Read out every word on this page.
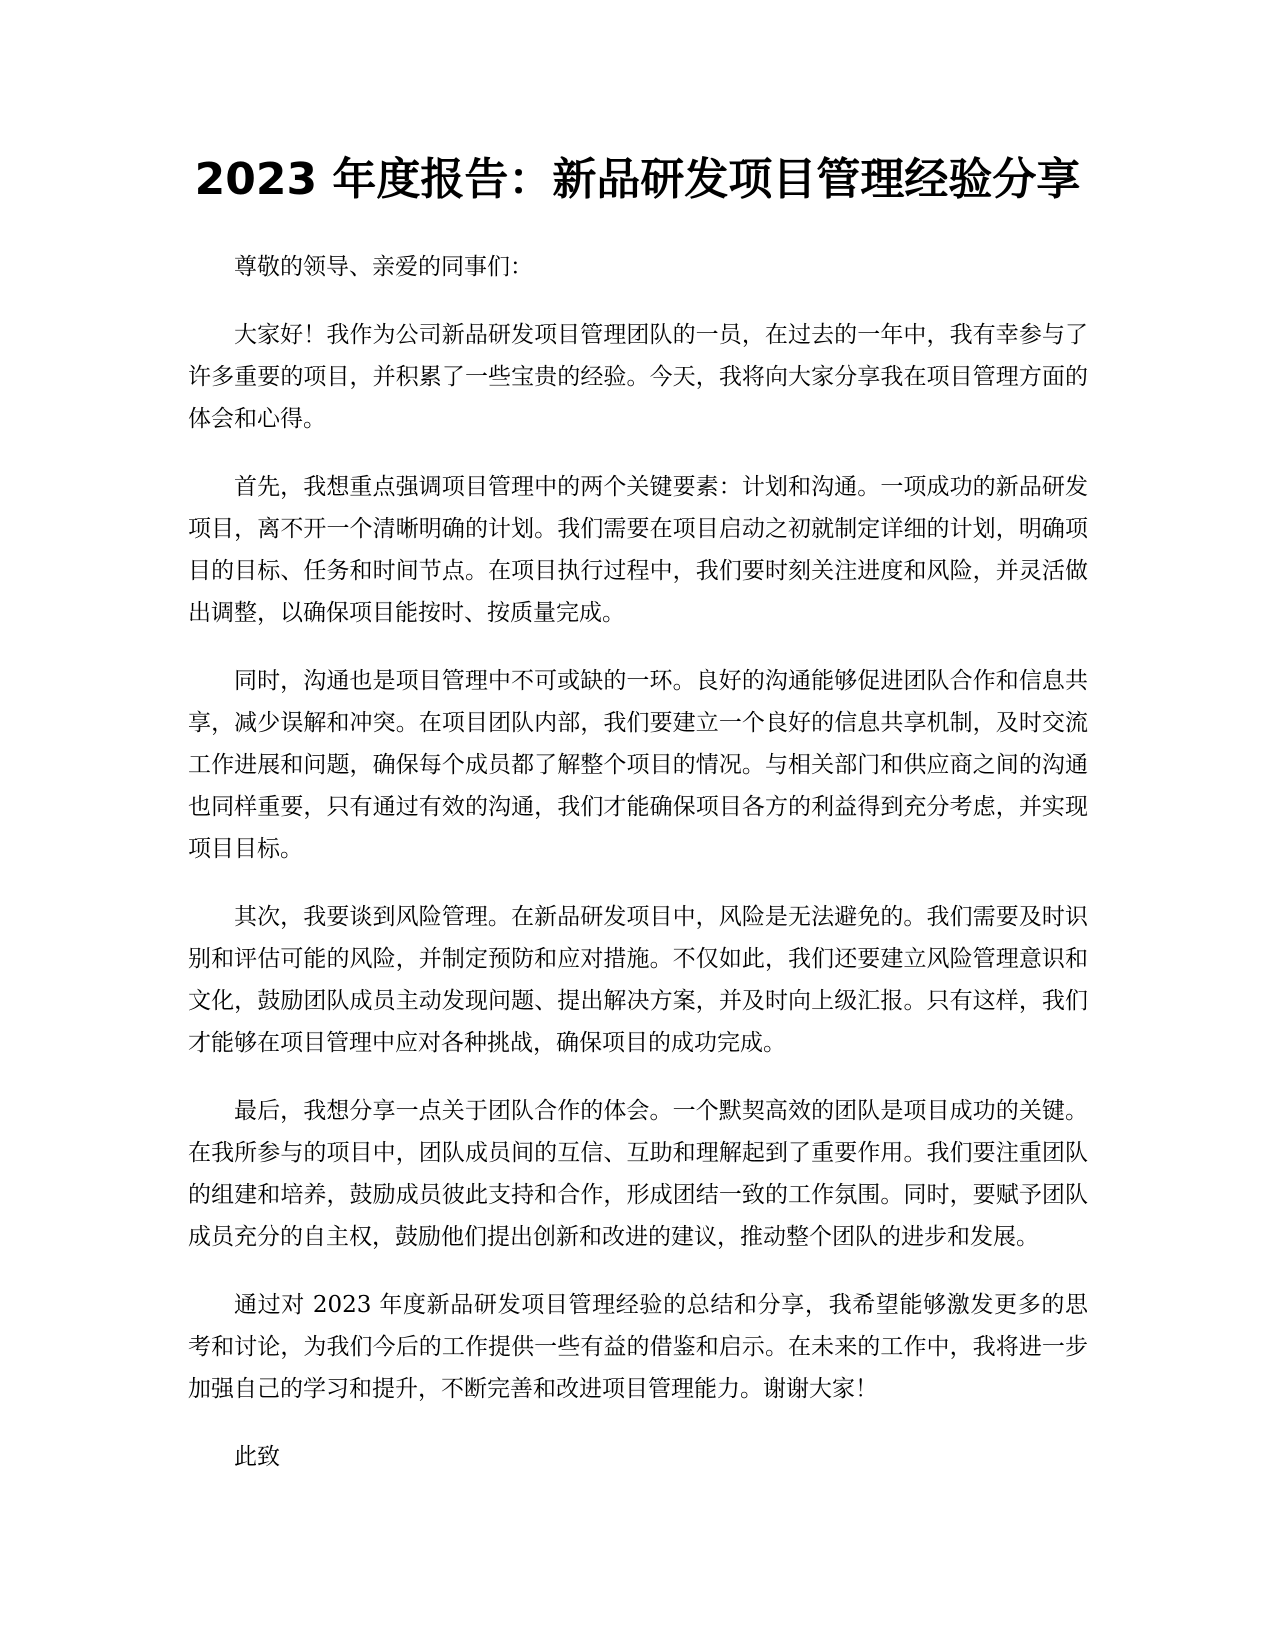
2023 年度报告：新品研发项目管理经验分享

尊敬的领导、亲爱的同事们：

大家好！我作为公司新品研发项目管理团队的一员，在过去的一年中，我有幸参与了许多重要的项目，并积累了一些宝贵的经验。今天，我将向大家分享我在项目管理方面的体会和心得。

首先，我想重点强调项目管理中的两个关键要素：计划和沟通。一项成功的新品研发项目，离不开一个清晰明确的计划。我们需要在项目启动之初就制定详细的计划，明确项目的目标、任务和时间节点。在项目执行过程中，我们要时刻关注进度和风险，并灵活做出调整，以确保项目能按时、按质量完成。

同时，沟通也是项目管理中不可或缺的一环。良好的沟通能够促进团队合作和信息共享，减少误解和冲突。在项目团队内部，我们要建立一个良好的信息共享机制，及时交流工作进展和问题，确保每个成员都了解整个项目的情况。与相关部门和供应商之间的沟通也同样重要，只有通过有效的沟通，我们才能确保项目各方的利益得到充分考虑，并实现项目目标。

其次，我要谈到风险管理。在新品研发项目中，风险是无法避免的。我们需要及时识别和评估可能的风险，并制定预防和应对措施。不仅如此，我们还要建立风险管理意识和文化，鼓励团队成员主动发现问题、提出解决方案，并及时向上级汇报。只有这样，我们才能够在项目管理中应对各种挑战，确保项目的成功完成。

最后，我想分享一点关于团队合作的体会。一个默契高效的团队是项目成功的关键。在我所参与的项目中，团队成员间的互信、互助和理解起到了重要作用。我们要注重团队的组建和培养，鼓励成员彼此支持和合作，形成团结一致的工作氛围。同时，要赋予团队成员充分的自主权，鼓励他们提出创新和改进的建议，推动整个团队的进步和发展。

通过对 2023 年度新品研发项目管理经验的总结和分享，我希望能够激发更多的思考和讨论，为我们今后的工作提供一些有益的借鉴和启示。在未来的工作中，我将进一步加强自己的学习和提升，不断完善和改进项目管理能力。谢谢大家！

此致
